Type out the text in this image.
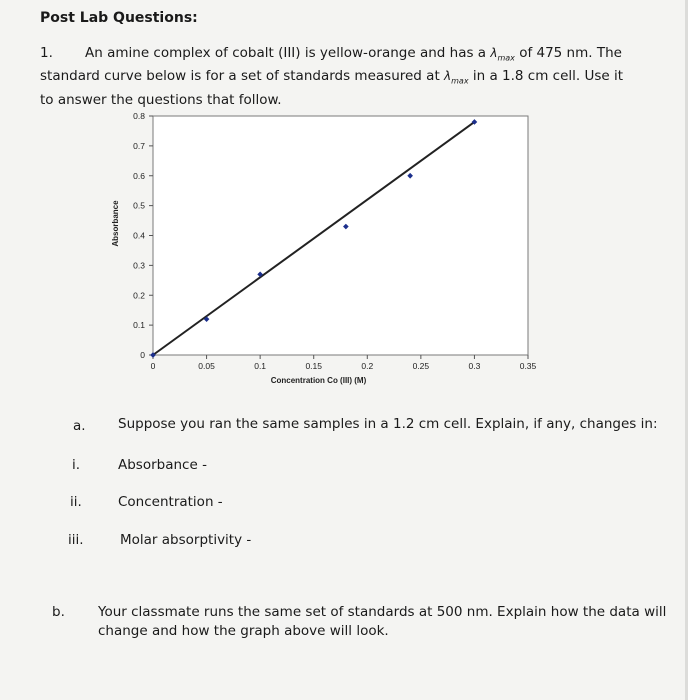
Post Lab Questions:
1. An amine complex of cobalt (III) is yellow-orange and has a $\lambda_{max}$ of 475 nm. The standard curve below is for a set of standards measured at $\lambda_{max}$ in a 1.8 cm cell. Use it to answer the questions that follow.
0
0.1
0.2
0.3
0.4
0.5
0.6
0.7
0.8
0	0.05	0.1	0.15	0.2	0.25	0.3	0.35
Concentration Co (III) (M)
Absorbance
a. Suppose you ran the same samples in a 1.2 cm cell. Explain, if any, changes in:
i.	Absorbance -
ii.	Concentration -
iii.	Molar absorptivity -
b. Your classmate runs the same set of standards at 500 nm. Explain how the data will
change and how the graph above will look.
